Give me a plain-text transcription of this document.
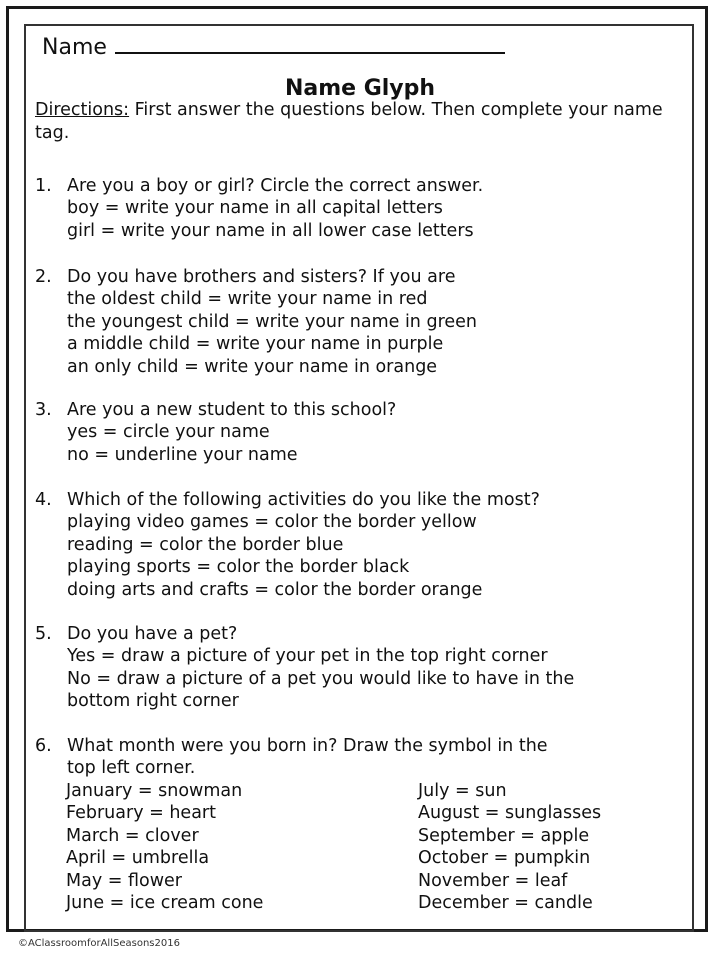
Name
Name Glyph
Directions: First answer the questions below. Then complete your name tag.
1. Are you a boy or girl? Circle the correct answer.
boy = write your name in all capital letters
girl = write your name in all lower case letters
2. Do you have brothers and sisters? If you are
the oldest child = write your name in red
the youngest child = write your name in green
a middle child = write your name in purple
an only child = write your name in orange
3. Are you a new student to this school?
yes = circle your name
no = underline your name
4. Which of the following activities do you like the most?
playing video games = color the border yellow
reading = color the border blue
playing sports = color the border black
doing arts and crafts = color the border orange
5. Do you have a pet?
Yes = draw a picture of your pet in the top right corner
No = draw a picture of a pet you would like to have in the
bottom right corner
6. What month were you born in? Draw the symbol in the
top left corner.
January = snowman
February = heart
March = clover
April = umbrella
May = flower
June = ice cream cone
July = sun
August = sunglasses
September = apple
October = pumpkin
November = leaf
December = candle
©AClassroomforAllSeasons2016
